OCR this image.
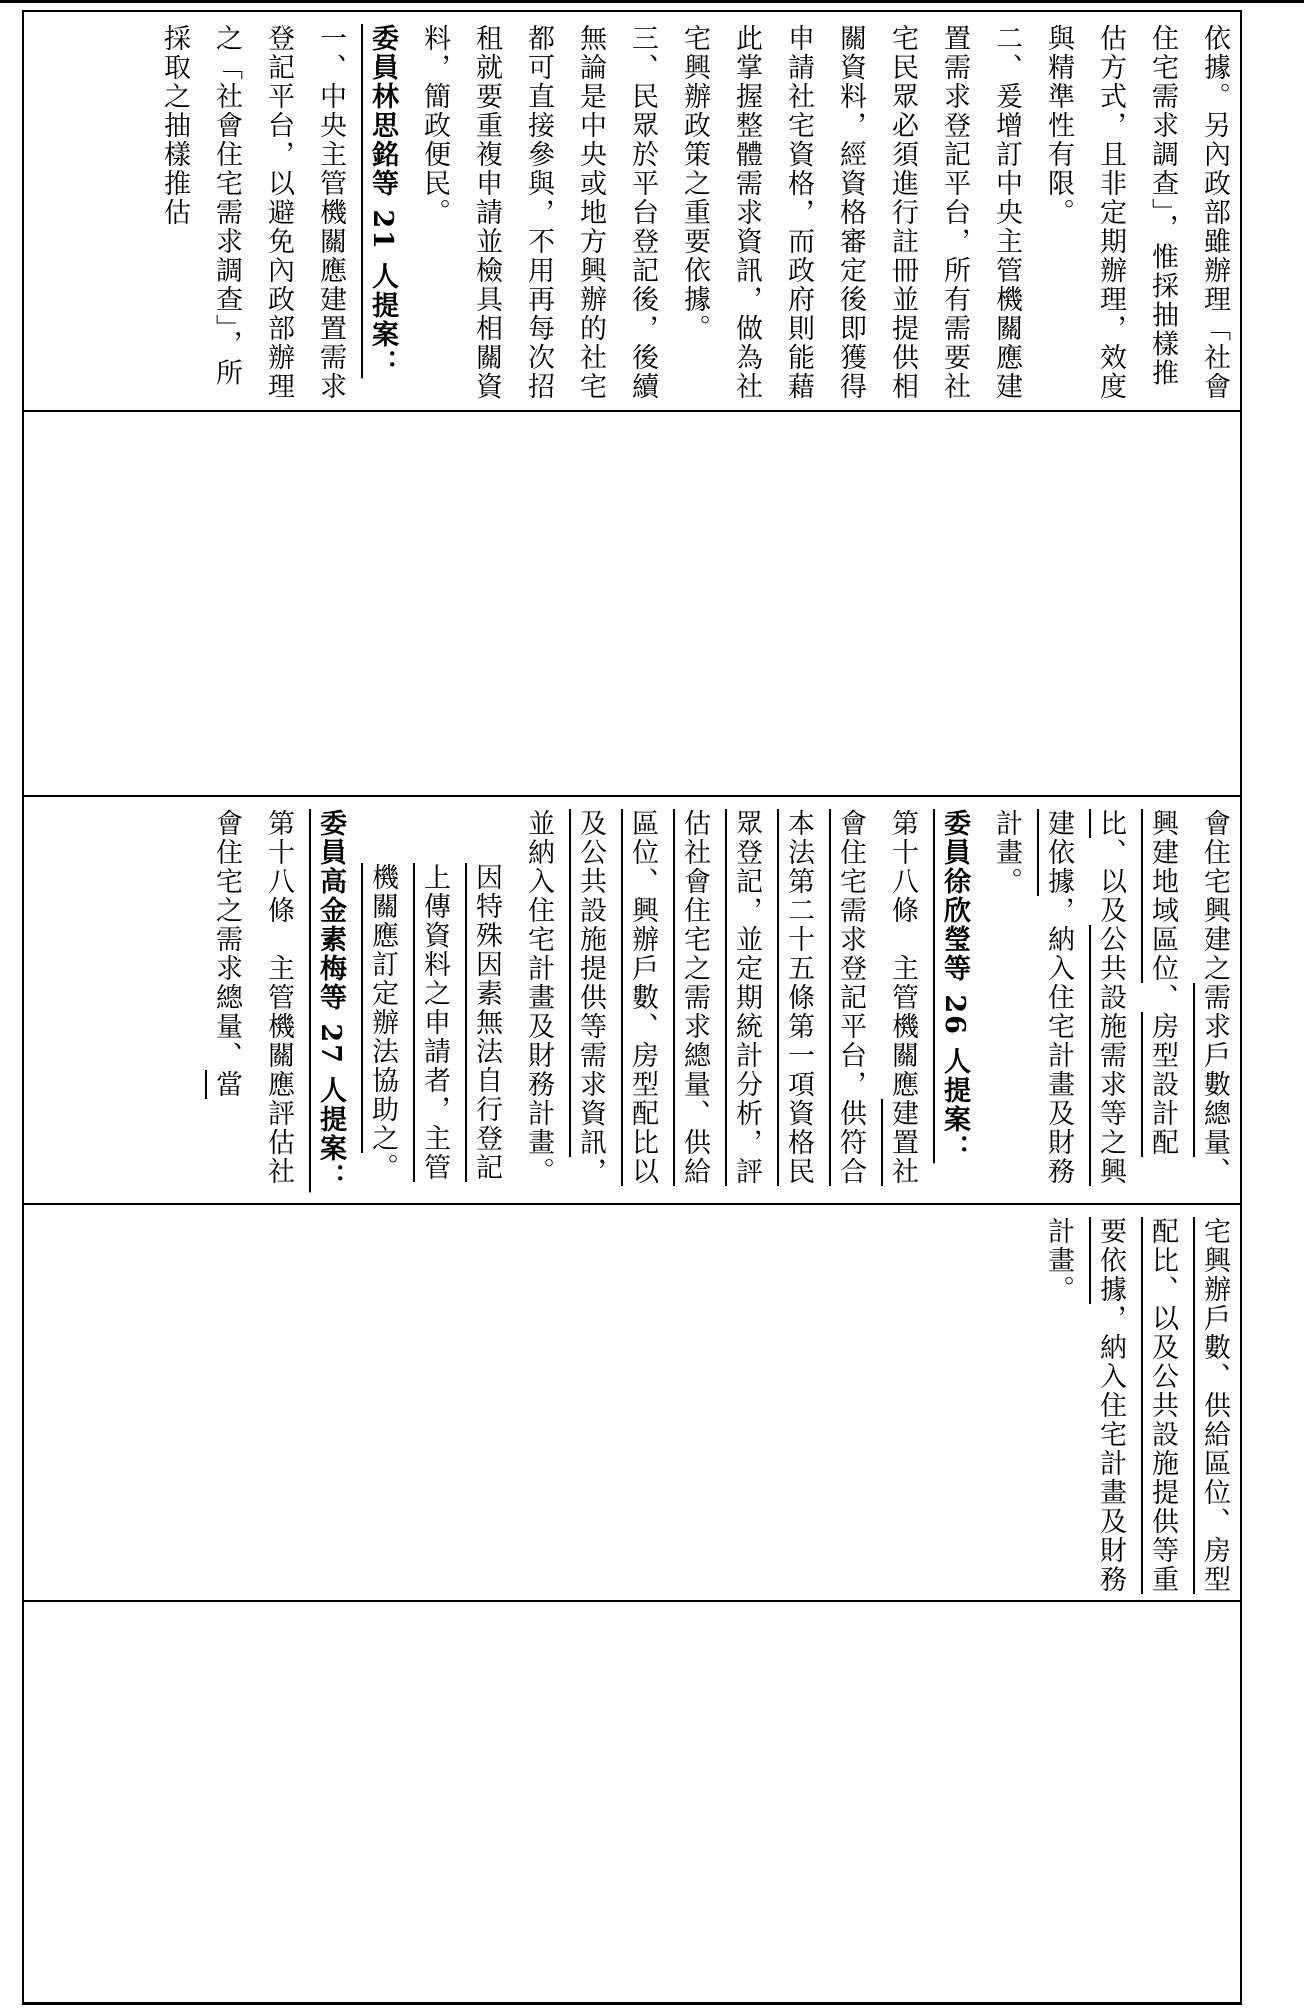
依據。另內政部雖辦理「社會住宅需求調查」，惟採抽樣推估方式，且非定期辦理，效度與精準性有限。

二、爰增訂中央主管機關應建置需求登記平台，所有需要社宅民眾必須進行註冊並提供相關資料，經資格審定後即獲得申請社宅資格，而政府則能藉此掌握整體需求資訊，做為社宅興辦政策之重要依據。

三、民眾於平台登記後，後續無論是中央或地方興辦的社宅都可直接參與，不用再每次招租就要重複申請並檢具相關資料，簡政便民。

委員林思銘等 21 人提案：

一、中央主管機關應建置需求登記平台，以避免內政部辦理之「社會住宅需求調查」，所採取之抽樣推估

會住宅興建之需求戶數總量、興建地域區位、房型設計配比、以及公共設施需求等之興建依據，納入住宅計畫及財務計畫。

委員徐欣瑩等 26 人提案：

第十八條　主管機關應建置社會住宅需求登記平台，供符合本法第二十五條第一項資格民眾登記，並定期統計分析，評估社會住宅之需求總量、供給區位、興辦戶數、房型配比以及公共設施提供等需求資訊，並納入住宅計畫及財務計畫。

因特殊因素無法自行登記上傳資料之申請者，主管機關應訂定辦法協助之。

委員高金素梅等 27 人提案：

第十八條　主管機關應評估社會住宅之需求總量、當

宅興辦戶數、供給區位、房型配比、以及公共設施提供等重要依據，納入住宅計畫及財務計畫。
